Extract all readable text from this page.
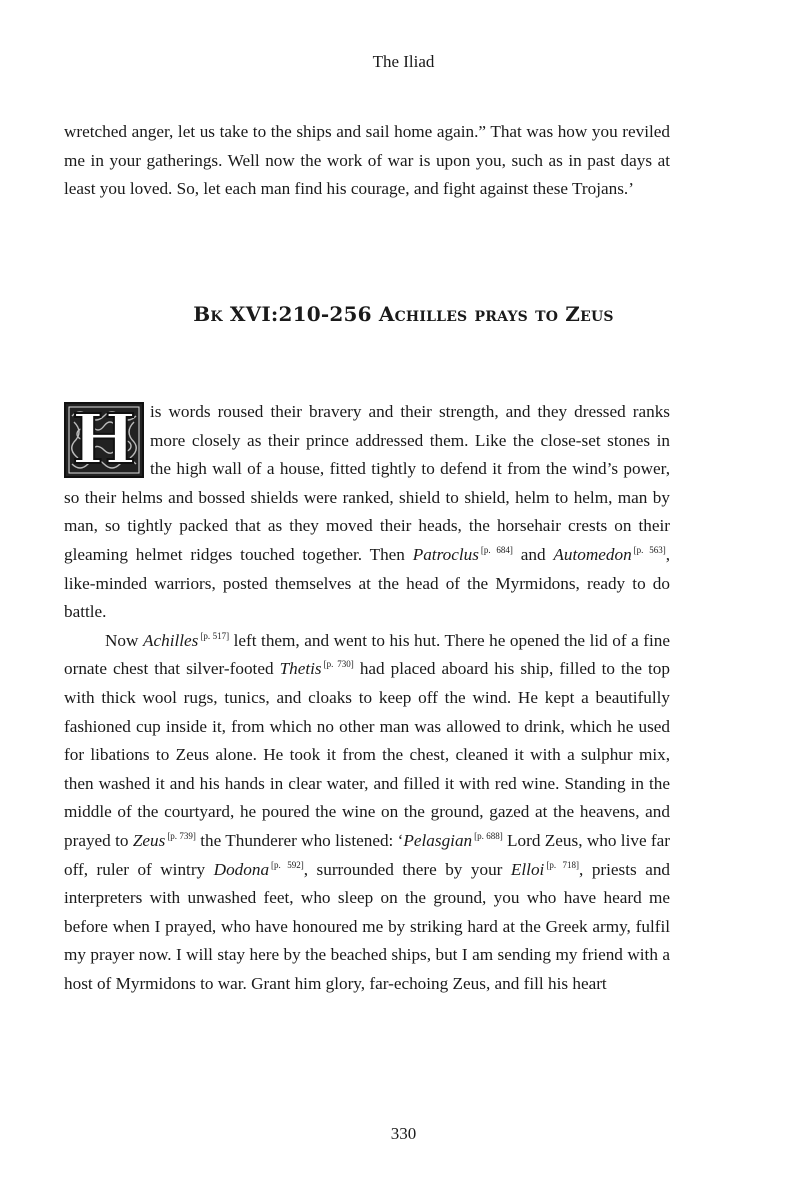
The Iliad

wretched anger, let us take to the ships and sail home again.” That was how you reviled me in your gatherings. Well now the work of war is upon you, such as in past days at least you loved. So, let each man find his courage, and fight against these Trojans.’

Bk XVI:210-256 Achilles prays to Zeus

H is words roused their bravery and their strength, and they dressed ranks more closely as their prince addressed them. Like the close-set stones in the high wall of a house, fitted tightly to defend it from the wind’s power, so their helms and bossed shields were ranked, shield to shield, helm to helm, man by man, so tightly packed that as they moved their heads, the horsehair crests on their gleaming helmet ridges touched together. Then Patroclus [p. 684] and Automedon [p. 563], like-minded warriors, posted themselves at the head of the Myrmidons, ready to do battle.

Now Achilles [p. 517] left them, and went to his hut. There he opened the lid of a fine ornate chest that silver-footed Thetis [p. 730] had placed aboard his ship, filled to the top with thick wool rugs, tunics, and cloaks to keep off the wind. He kept a beautifully fashioned cup inside it, from which no other man was allowed to drink, which he used for libations to Zeus alone. He took it from the chest, cleaned it with a sulphur mix, then washed it and his hands in clear water, and filled it with red wine. Standing in the middle of the courtyard, he poured the wine on the ground, gazed at the heavens, and prayed to Zeus [p. 739] the Thunderer who listened: ‘Pelasgian [p. 688] Lord Zeus, who live far off, ruler of wintry Dodona [p. 592], surrounded there by your Elloi [p. 718], priests and interpreters with unwashed feet, who sleep on the ground, you who have heard me before when I prayed, who have honoured me by striking hard at the Greek army, fulfil my prayer now. I will stay here by the beached ships, but I am sending my friend with a host of Myrmidons to war. Grant him glory, far-echoing Zeus, and fill his heart

330
